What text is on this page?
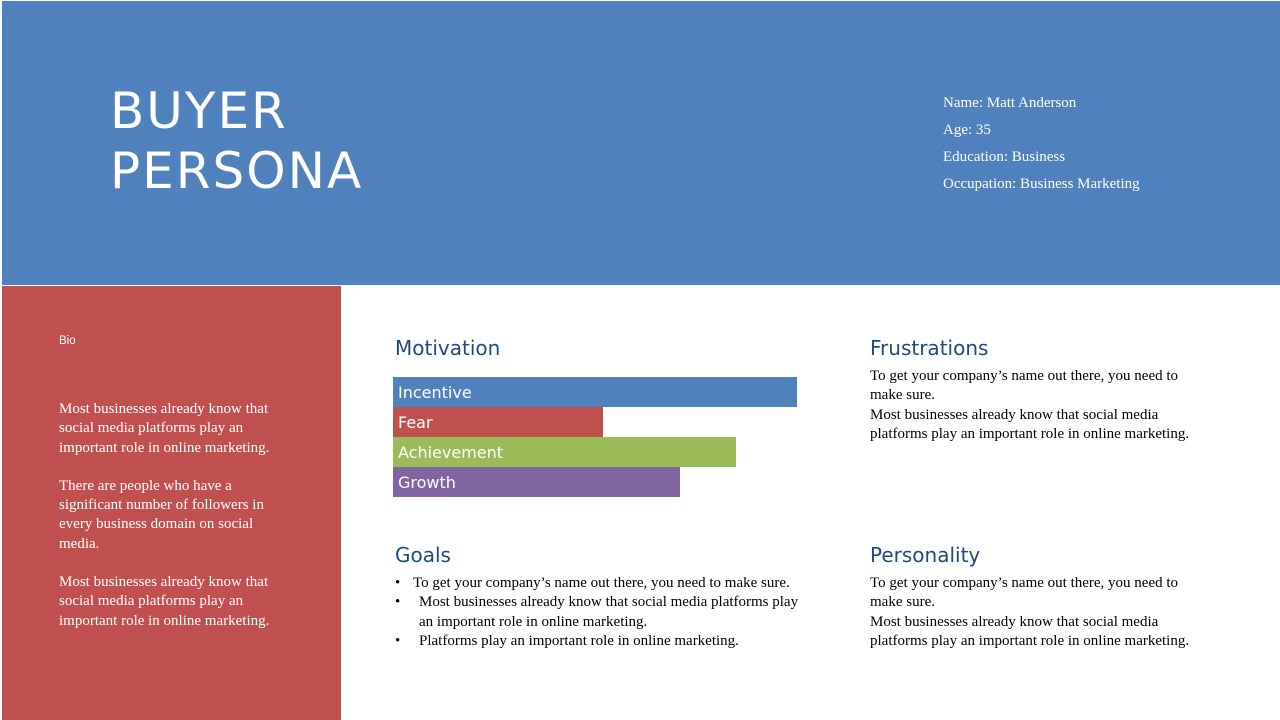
BUYER
PERSONA
Name: Matt Anderson
Age: 35
Education: Business
Occupation: Business Marketing
Bio

Most businesses already know that social media platforms play an important role in online marketing.

There are people who have a significant number of followers in every business domain on social media.

Most businesses already know that social media platforms play an important role in online marketing.

Motivation
Incentive
Fear
Achievement
Growth
Frustrations

To get your company’s name out there, you need to make sure.

Most businesses already know that social media platforms play an important role in online marketing.

Goals
• To get your company’s name out there, you need to make sure.
• Most businesses already know that social media platforms play an important role in online marketing.
• Platforms play an important role in online marketing.
Personality

To get your company’s name out there, you need to make sure.

Most businesses already know that social media platforms play an important role in online marketing.
